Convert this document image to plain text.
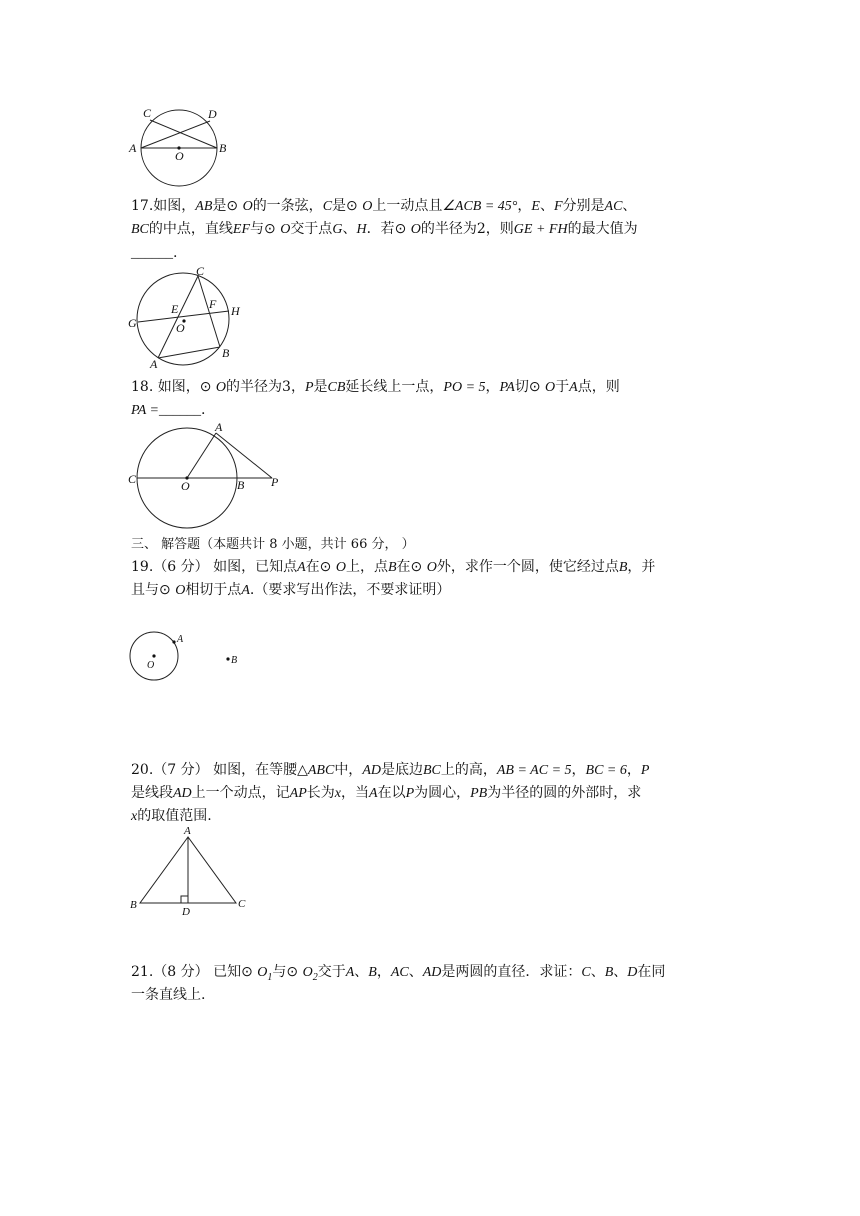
C	D
A	B
O
17.如图，AB是⊙ O的一条弦，C是⊙ O上一动点且∠ACB = 45°，E、F分别是AC、
BC的中点，直线EF与⊙ O交于点G、H．若⊙ O的半径为2，则GE + FH的最大值为
______.
C
E	F
G
H
O
A
B
18. 如图，⊙ O的半径为3，P是CB延长线上一点，PO = 5，PA切⊙ O于A点，则
PA =______.
A
C	O	B P
三、 解答题（本题共计 8 小题，共计 66 分， ）
19.（6 分） 如图，已知点A在⊙ O上，点B在⊙ O外，求作一个圆，使它经过点B，并
且与⊙ O相切于点A.（要求写出作法，不要求证明）
A
O	B
20.（7 分） 如图，在等腰△ABC中，AD是底边BC上的高，AB = AC = 5，BC = 6，P
是线段AD上一个动点，记AP长为x，当A在以P为圆心，PB为半径的圆的外部时，求
x的取值范围.
A
B
D
C
21.（8 分） 已知⊙ $O_1$与⊙ $O_2$交于A、B，AC、AD是两圆的直径．求证：C、B、D在同
一条直线上.
